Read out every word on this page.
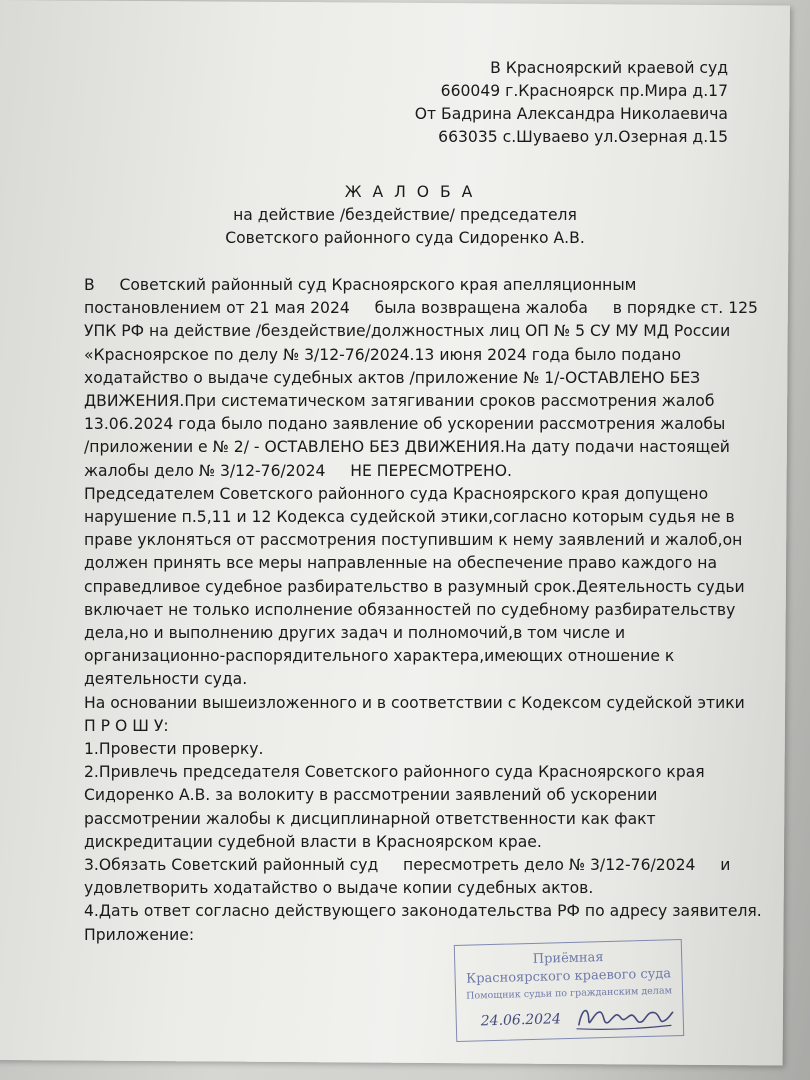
В Красноярский краевой суд
660049 г.Красноярск пр.Мира д.17
От Бадрина Александра Николаевича
663035 с.Шуваево ул.Озерная д.15
Ж А Л О Б А
на действие /бездействие/ председателя
Советского районного суда Сидоренко А.В.
В     Советский районный суд Красноярского края апелляционным
постановлением от 21 мая 2024     была возвращена жалоба     в порядке ст. 125
УПК РФ на действие /бездействие/должностных лиц ОП № 5 СУ МУ МД России
«Красноярское по делу № 3/12-76/2024.13 июня 2024 года было подано
ходатайство о выдаче судебных актов /приложение № 1/-ОСТАВЛЕНО БЕЗ
ДВИЖЕНИЯ.При систематическом затягивании сроков рассмотрения жалоб
13.06.2024 года было подано заявление об ускорении рассмотрения жалобы
/приложении е № 2/ - ОСТАВЛЕНО БЕЗ ДВИЖЕНИЯ.На дату подачи настоящей
жалобы дело № 3/12-76/2024     НЕ ПЕРЕСМОТРЕНО.
Председателем Советского районного суда Красноярского края допущено
нарушение п.5,11 и 12 Кодекса судейской этики,согласно которым судья не в
праве уклоняться от рассмотрения поступившим к нему заявлений и жалоб,он
должен принять все меры направленные на обеспечение право каждого на
справедливое судебное разбирательство в разумный срок.Деятельность судьи
включает не только исполнение обязанностей по судебному разбирательству
дела,но и выполнению других задач и полномочий,в том числе и
организационно-распорядительного характера,имеющих отношение к
деятельности суда.
На основании вышеизложенного и в соответствии с Кодексом судейской этики
П Р О Ш У:
1.Провести проверку.
2.Привлечь председателя Советского районного суда Красноярского края
Сидоренко А.В. за волокиту в рассмотрении заявлений об ускорении
рассмотрении жалобы к дисциплинарной ответственности как факт
дискредитации судебной власти в Красноярском крае.
3.Обязать Советский районный суд     пересмотреть дело № 3/12-76/2024     и
удовлетворить ходатайство о выдаче копии судебных актов.
4.Дать ответ согласно действующего законодательства РФ по адресу заявителя.
Приложение:
Приёмная
Красноярского краевого суда
Помощник судьи по гражданским делам
24.06.2024
